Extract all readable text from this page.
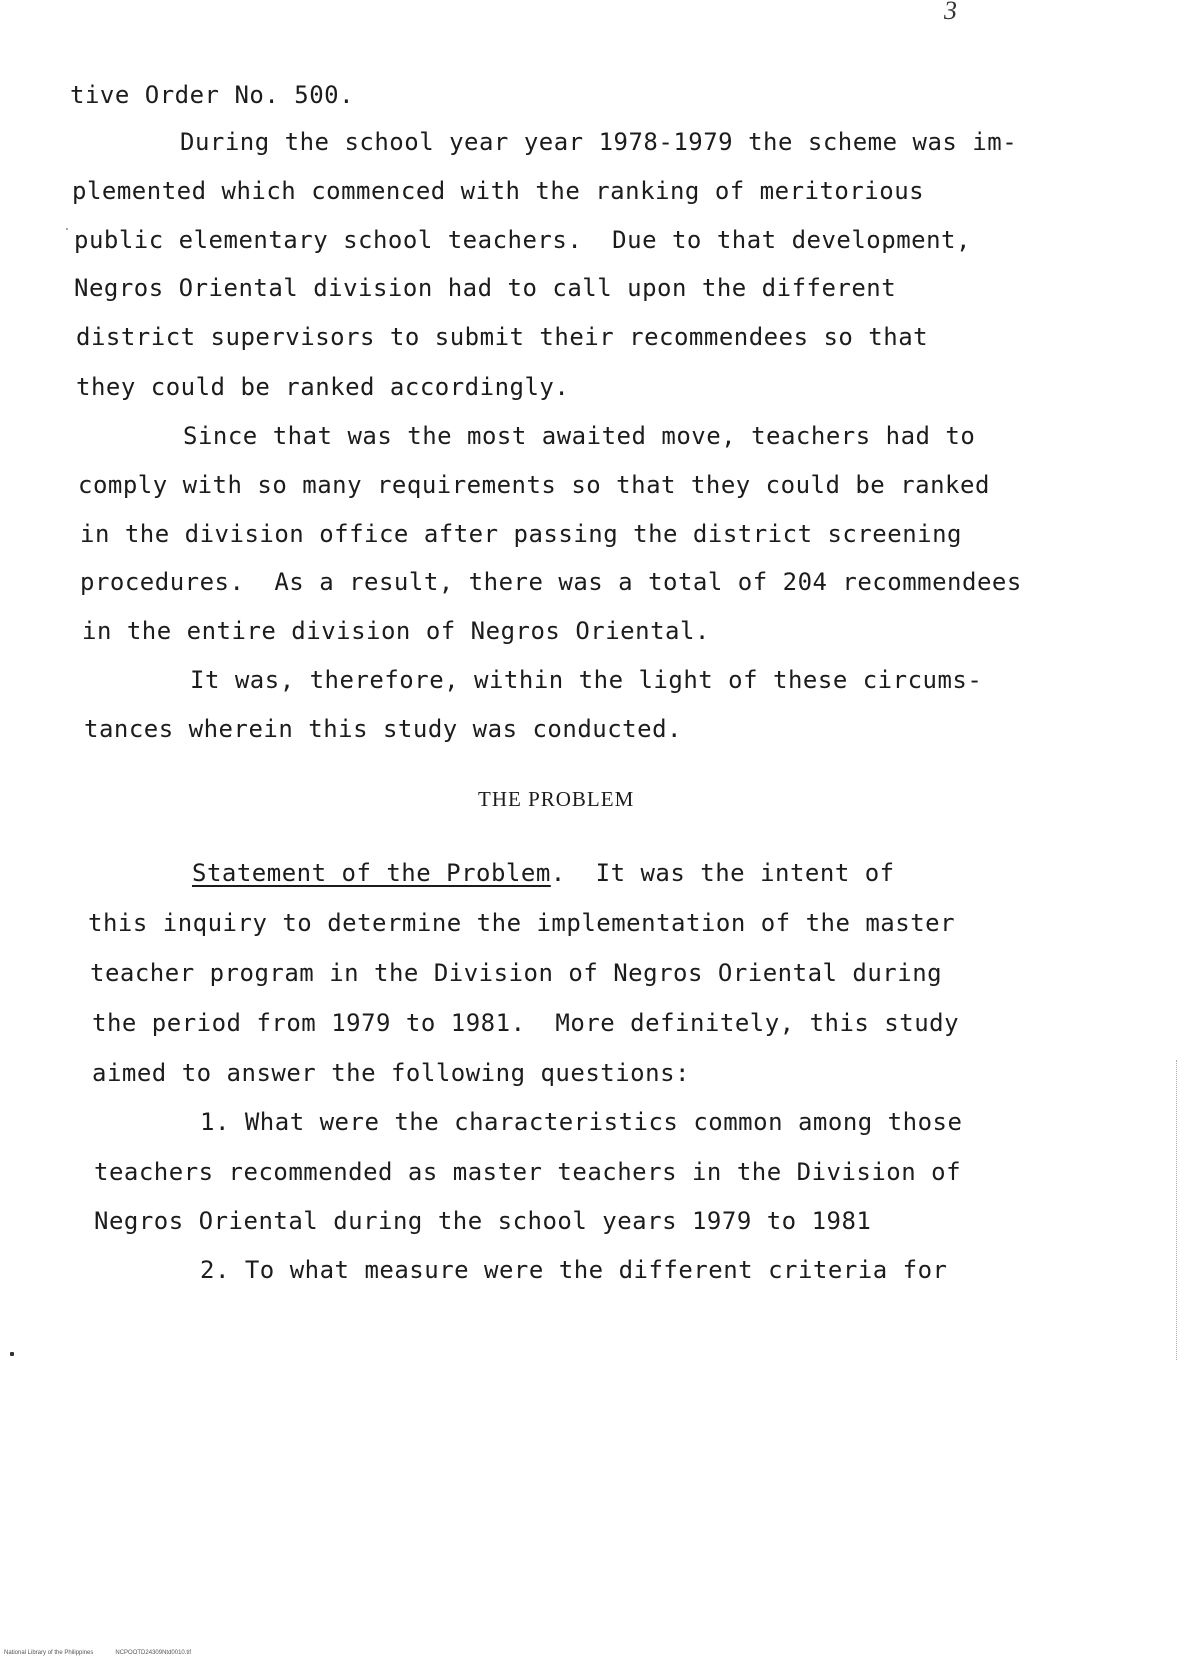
3
tive Order No. 500.
During the school year year 1978-1979 the scheme was im-
plemented which commenced with the ranking of meritorious
public elementary school teachers.  Due to that development,
Negros Oriental division had to call upon the different
district supervisors to submit their recommendees so that
they could be ranked accordingly.
Since that was the most awaited move, teachers had to
comply with so many requirements so that they could be ranked
in the division office after passing the district screening
procedures.  As a result, there was a total of 204 recommendees
in the entire division of Negros Oriental.
It was, therefore, within the light of these circums-
tances wherein this study was conducted.
THE PROBLEM
Statement of the Problem.  It was the intent of
this inquiry to determine the implementation of the master
teacher program in the Division of Negros Oriental during
the period from 1979 to 1981.  More definitely, this study
aimed to answer the following questions:
1. What were the characteristics common among those
teachers recommended as master teachers in the Division of
Negros Oriental during the school years 1979 to 1981
2. To what measure were the different criteria for
National Library of the Philippines	NCPOOTD24309Ntd0010.tif
